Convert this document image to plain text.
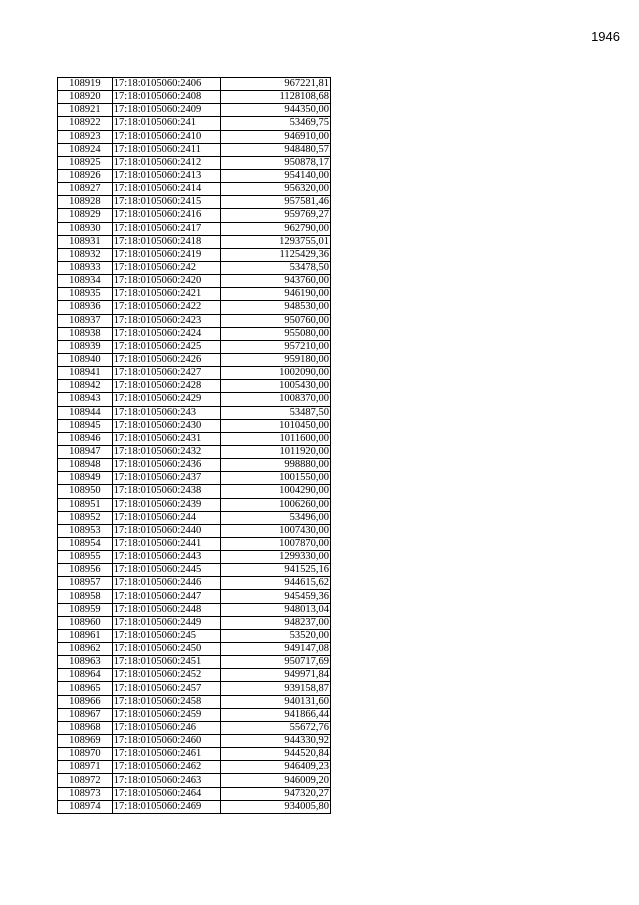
1946
108919	17:18:0105060:2406	967221,81
108920	17:18:0105060:2408	1128108,68
108921	17:18:0105060:2409	944350,00
108922	17:18:0105060:241	53469,75
108923	17:18:0105060:2410	946910,00
108924	17:18:0105060:2411	948480,57
108925	17:18:0105060:2412	950878,17
108926	17:18:0105060:2413	954140,00
108927	17:18:0105060:2414	956320,00
108928	17:18:0105060:2415	957581,46
108929	17:18:0105060:2416	959769,27
108930	17:18:0105060:2417	962790,00
108931	17:18:0105060:2418	1293755,01
108932	17:18:0105060:2419	1125429,36
108933	17:18:0105060:242	53478,50
108934	17:18:0105060:2420	943760,00
108935	17:18:0105060:2421	946190,00
108936	17:18:0105060:2422	948530,00
108937	17:18:0105060:2423	950760,00
108938	17:18:0105060:2424	955080,00
108939	17:18:0105060:2425	957210,00
108940	17:18:0105060:2426	959180,00
108941	17:18:0105060:2427	1002090,00
108942	17:18:0105060:2428	1005430,00
108943	17:18:0105060:2429	1008370,00
108944	17:18:0105060:243	53487,50
108945	17:18:0105060:2430	1010450,00
108946	17:18:0105060:2431	1011600,00
108947	17:18:0105060:2432	1011920,00
108948	17:18:0105060:2436	998880,00
108949	17:18:0105060:2437	1001550,00
108950	17:18:0105060:2438	1004290,00
108951	17:18:0105060:2439	1006260,00
108952	17:18:0105060:244	53496,00
108953	17:18:0105060:2440	1007430,00
108954	17:18:0105060:2441	1007870,00
108955	17:18:0105060:2443	1299330,00
108956	17:18:0105060:2445	941525,16
108957	17:18:0105060:2446	944615,62
108958	17:18:0105060:2447	945459,36
108959	17:18:0105060:2448	948013,04
108960	17:18:0105060:2449	948237,00
108961	17:18:0105060:245	53520,00
108962	17:18:0105060:2450	949147,08
108963	17:18:0105060:2451	950717,69
108964	17:18:0105060:2452	949971,84
108965	17:18:0105060:2457	939158,87
108966	17:18:0105060:2458	940131,60
108967	17:18:0105060:2459	941866,44
108968	17:18:0105060:246	55672,76
108969	17:18:0105060:2460	944330,92
108970	17:18:0105060:2461	944520,84
108971	17:18:0105060:2462	946409,23
108972	17:18:0105060:2463	946009,20
108973	17:18:0105060:2464	947320,27
108974	17:18:0105060:2469	934005,80
